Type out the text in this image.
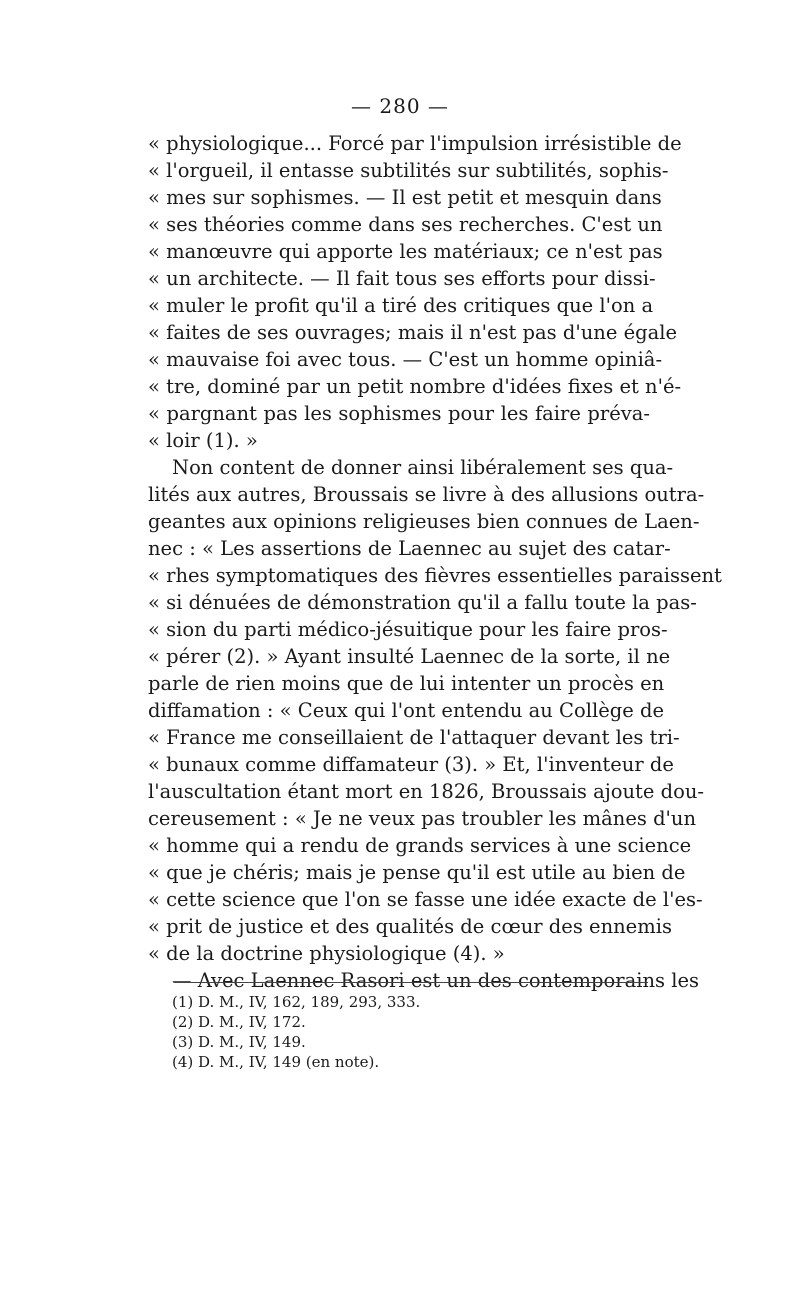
— 280 —
« physiologique... Forcé par l'impulsion irrésistible de
« l'orgueil, il entasse subtilités sur subtilités, sophis-
« mes sur sophismes. — Il est petit et mesquin dans
« ses théories comme dans ses recherches. C'est un
« manœuvre qui apporte les matériaux; ce n'est pas
« un architecte. — Il fait tous ses efforts pour dissi-
« muler le profit qu'il a tiré des critiques que l'on a
« faites de ses ouvrages; mais il n'est pas d'une égale
« mauvaise foi avec tous. — C'est un homme opiniâ-
« tre, dominé par un petit nombre d'idées fixes et n'é-
« pargnant pas les sophismes pour les faire préva-
« loir (1). »
Non content de donner ainsi libéralement ses qua-
lités aux autres, Broussais se livre à des allusions outra-
geantes aux opinions religieuses bien connues de Laen-
nec : « Les assertions de Laennec au sujet des catar-
« rhes symptomatiques des fièvres essentielles paraissent
« si dénuées de démonstration qu'il a fallu toute la pas-
« sion du parti médico-jésuitique pour les faire pros-
« pérer (2). » Ayant insulté Laennec de la sorte, il ne
parle de rien moins que de lui intenter un procès en
diffamation : « Ceux qui l'ont entendu au Collège de
« France me conseillaient de l'attaquer devant les tri-
« bunaux comme diffamateur (3). » Et, l'inventeur de
l'auscultation étant mort en 1826, Broussais ajoute dou-
cereusement : « Je ne veux pas troubler les mânes d'un
« homme qui a rendu de grands services à une science
« que je chéris; mais je pense qu'il est utile au bien de
« cette science que l'on se fasse une idée exacte de l'es-
« prit de justice et des qualités de cœur des ennemis
« de la doctrine physiologique (4). »
— Avec Laennec Rasori est un des contemporains les
(1) D. M., IV, 162, 189, 293, 333.
(2) D. M., IV, 172.
(3) D. M., IV, 149.
(4) D. M., IV, 149 (en note).
